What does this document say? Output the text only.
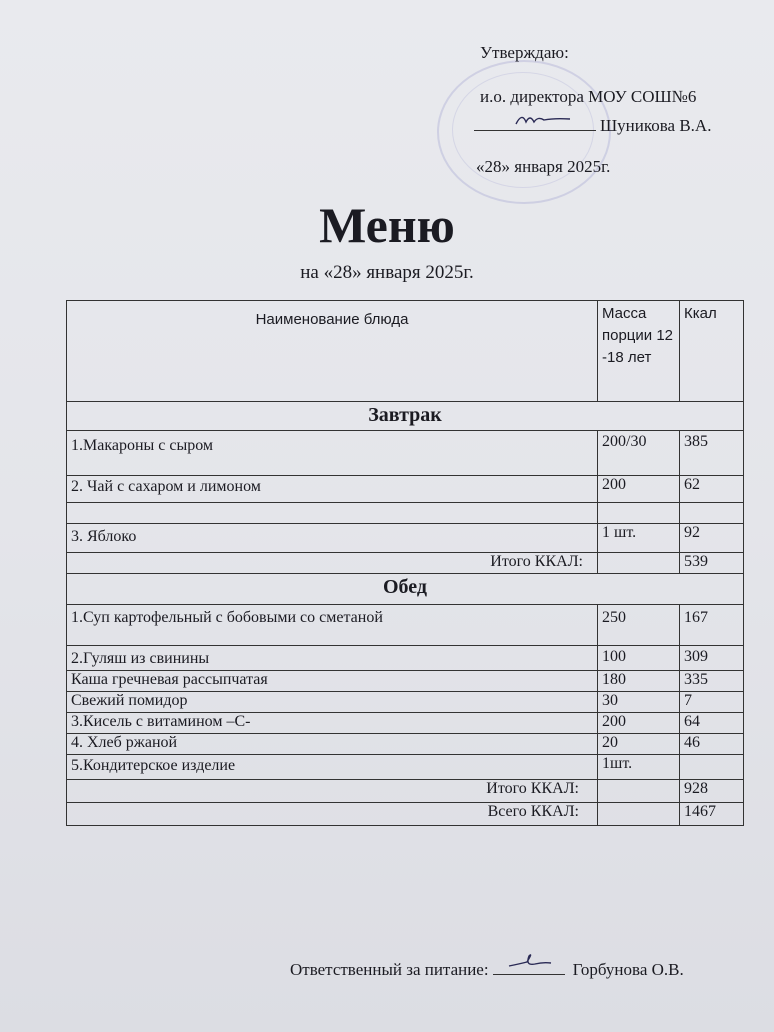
Утверждаю:
и.о. директора МОУ СОШ№6
Шуникова В.А.
«28» января 2025г.
Меню
на «28» января 2025г.
Наименование блюда	Масса порции 12 -18 лет	Ккал
Завтрак		
1.Макароны с сыром	200/30	385
2. Чай с сахаром и лимоном	200	62

3. Яблоко	1 шт.	92
Итого ККАЛ:		539
Обед		
1.Суп картофельный с бобовыми со сметаной	250	167
2.Гуляш из свинины	100	309
Каша гречневая рассыпчатая	180	335
Свежий помидор	30	7
3.Кисель с витамином –С-	200	64
4. Хлеб ржаной	20	46
5.Кондитерское изделие	1шт.	
Итого ККАЛ:		928
Всего ККАЛ:		1467
Ответственный за питание:	Горбунова О.В.
